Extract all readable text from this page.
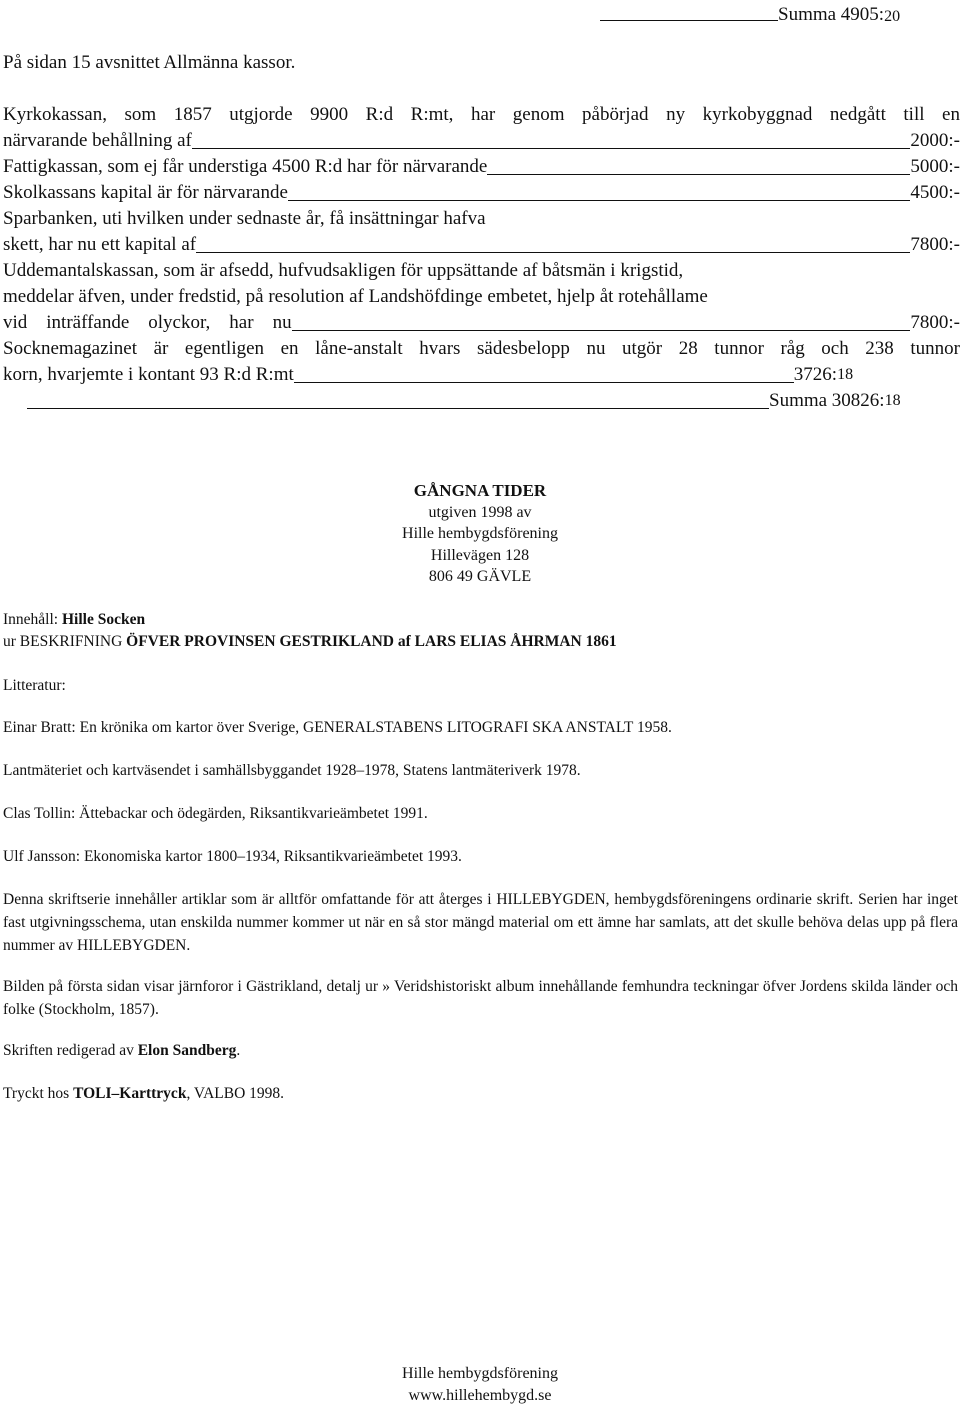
Summa 4905: 20
På sidan 15 avsnittet Allmänna kassor.
Kyrkokassan, som 1857 utgjorde 9900 R:d R:mt, har genom påbörjad ny kyrkobyggnad nedgått till en
närvarande behållning af	2000:-
Fattigkassan, som ej får understiga 4500 R:d har för närvarande	5000:-
Skolkassans kapital är för närvarande	4500:-
Sparbanken, uti hvilken under sednaste år, få insättningar hafva
skett, har nu ett kapital af	7800:-
Uddemantalskassan, som är afsedd, hufvudsakligen för uppsättande af båtsmän i krigstid,
meddelar äfven, under fredstid, på resolution af Landshöfdinge embetet, hjelp åt rotehållame
vid    inträffande    olyckor,    har    nu	7800:-
Socknemagazinet är egentligen en låne-anstalt hvars sädesbelopp nu utgör 28 tunnor råg och 238 tunnor
korn, hvarjemte i kontant 93 R:d R:mt	3726: 18
Summa 30826: 18
GÅNGNA TIDER
utgiven 1998 av
Hille hembygdsförening
Hillevägen 128
806 49 GÄVLE
Innehåll: Hille Socken
ur BESKRIFNING ÖFVER PROVINSEN GESTRIKLAND af LARS ELIAS ÅHRMAN 1861
Litteratur:
Einar Bratt: En krönika om kartor över Sverige, GENERALSTABENS LITOGRAFI SKA ANSTALT 1958.
Lantmäteriet och kartväsendet i samhällsbyggandet 1928–1978, Statens lantmäteriverk 1978.
Clas Tollin: Ättebackar och ödegärden, Riksantikvarieämbetet 1991.
Ulf Jansson: Ekonomiska kartor 1800–1934, Riksantikvarieämbetet 1993.
Denna skriftserie innehåller artiklar som är alltför omfattande för att återges i HILLEBYGDEN, hembygdsföreningens ordinarie skrift. Serien har inget fast utgivningsschema, utan enskilda nummer kommer ut när en så stor mängd material om ett ämne har samlats, att det skulle behöva delas upp på flera nummer av HILLEBYGDEN.
Bilden på första sidan visar järnforor i Gästrikland, detalj ur » Veridshistoriskt album innehållande femhundra teckningar öfver Jordens skilda länder och folke (Stockholm, 1857).
Skriften redigerad av Elon Sandberg.
Tryckt hos TOLI–Karttryck, VALBO 1998.
Hille hembygdsförening
www.hillehembygd.se
